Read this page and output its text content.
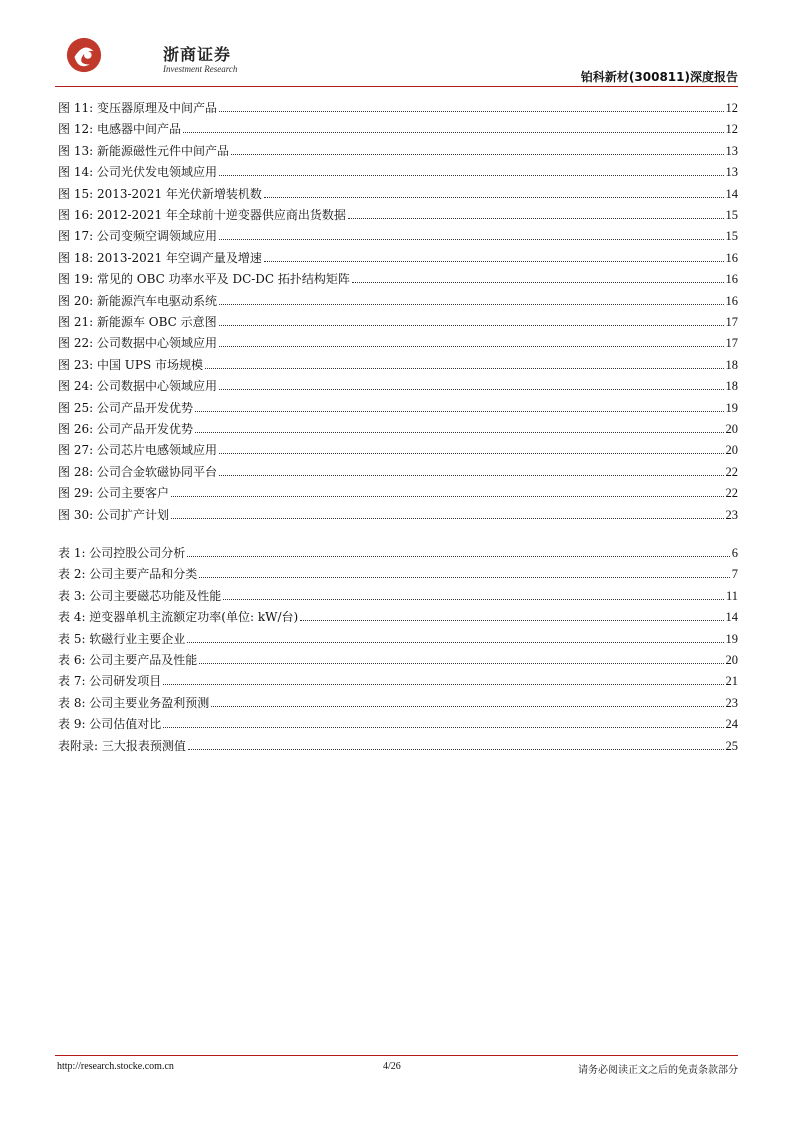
浙商证券
Investment Research
铂科新材(300811)深度报告
图 11: 变压器原理及中间产品	12
图 12: 电感器中间产品	12
图 13: 新能源磁性元件中间产品	13
图 14: 公司光伏发电领域应用	13
图 15: 2013-2021 年光伏新增装机数	14
图 16: 2012-2021 年全球前十逆变器供应商出货数据	15
图 17: 公司变频空调领域应用	15
图 18: 2013-2021 年空调产量及增速	16
图 19: 常见的 OBC 功率水平及 DC-DC 拓扑结构矩阵	16
图 20: 新能源汽车电驱动系统	16
图 21: 新能源车 OBC 示意图	17
图 22: 公司数据中心领域应用	17
图 23: 中国 UPS 市场规模	18
图 24: 公司数据中心领域应用	18
图 25: 公司产品开发优势	19
图 26: 公司产品开发优势	20
图 27: 公司芯片电感领域应用	20
图 28: 公司合金软磁协同平台	22
图 29: 公司主要客户	22
图 30: 公司扩产计划	23
表 1: 公司控股公司分析	6
表 2: 公司主要产品和分类	7
表 3: 公司主要磁芯功能及性能	11
表 4: 逆变器单机主流额定功率(单位: kW/台)	14
表 5: 软磁行业主要企业	19
表 6: 公司主要产品及性能	20
表 7: 公司研发项目	21
表 8: 公司主要业务盈利预测	23
表 9: 公司估值对比	24
表附录: 三大报表预测值	25
http://research.stocke.com.cn	4/26	请务必阅读正文之后的免责条款部分
